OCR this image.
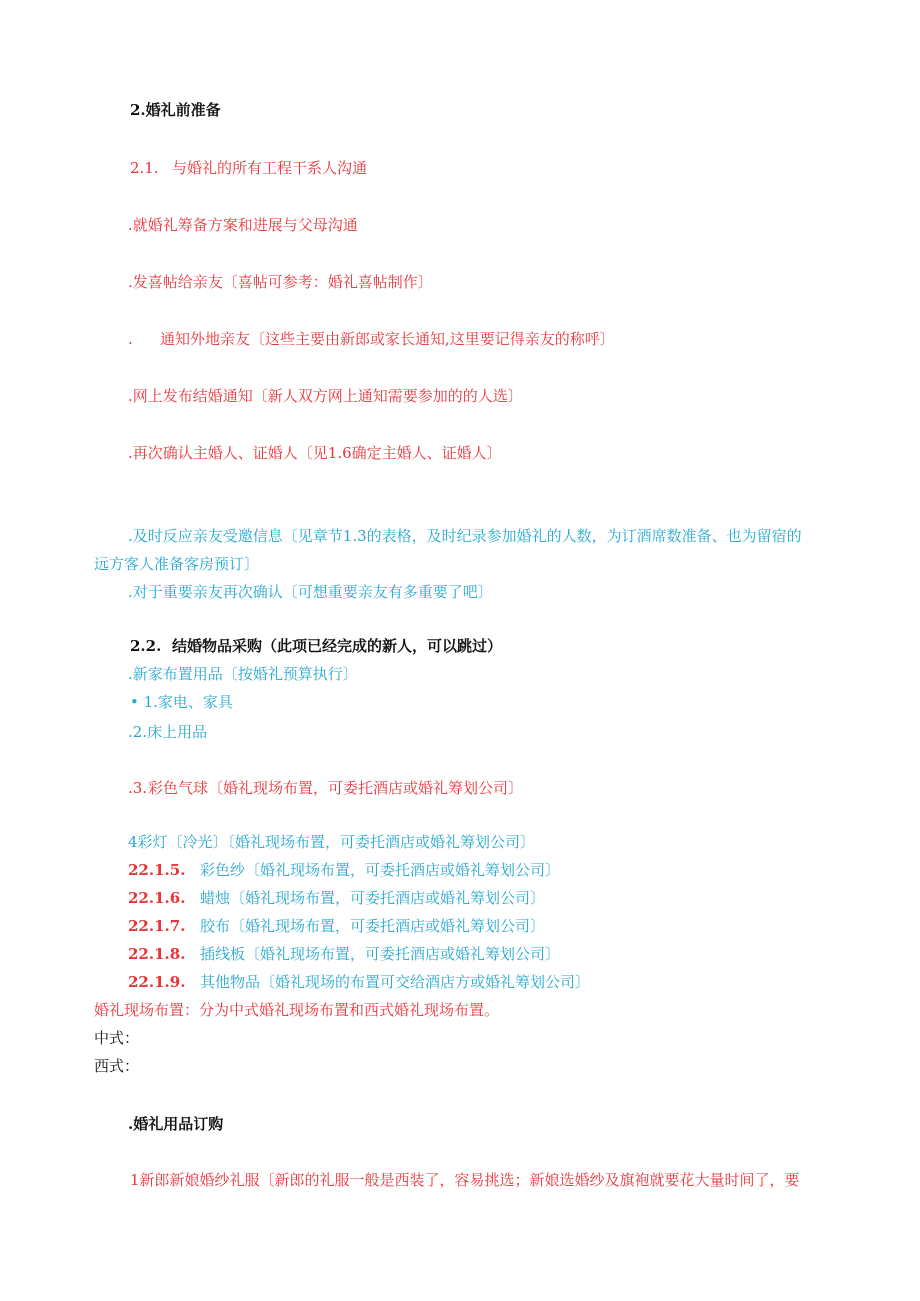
2.婚礼前准备
2.1. 与婚礼的所有工程干系人沟通
.就婚礼筹备方案和进展与父母沟通
.发喜帖给亲友〔喜帖可参考：婚礼喜帖制作〕
. 通知外地亲友〔这些主要由新郎或家长通知,这里要记得亲友的称呼〕
.网上发布结婚通知〔新人双方网上通知需要参加的的人选〕
.再次确认主婚人、证婚人〔见1.6确定主婚人、证婚人〕
.及时反应亲友受邀信息〔见章节1.3的表格，及时纪录参加婚礼的人数，为订酒席数准备、也为留宿的
远方客人准备客房预订〕
.对于重要亲友再次确认〔可想重要亲友有多重要了吧〕
2.2. 结婚物品采购（此项已经完成的新人，可以跳过）
.新家布置用品〔按婚礼预算执行〕
• 1.家电、家具
.2.床上用品
.3.彩色气球〔婚礼现场布置，可委托酒店或婚礼筹划公司〕
4彩灯〔冷光〕〔婚礼现场布置，可委托酒店或婚礼筹划公司〕
22.1.5. 彩色纱〔婚礼现场布置，可委托酒店或婚礼筹划公司〕
22.1.6. 蜡烛〔婚礼现场布置，可委托酒店或婚礼筹划公司〕
22.1.7. 胶布〔婚礼现场布置，可委托酒店或婚礼筹划公司〕
22.1.8. 插线板〔婚礼现场布置，可委托酒店或婚礼筹划公司〕
22.1.9. 其他物品〔婚礼现场的布置可交给酒店方或婚礼筹划公司〕
婚礼现场布置：分为中式婚礼现场布置和西式婚礼现场布置。
中式：
西式：
.婚礼用品订购
1新郎新娘婚纱礼服〔新郎的礼服一般是西装了，容易挑选；新娘选婚纱及旗袍就要花大量时间了，要
